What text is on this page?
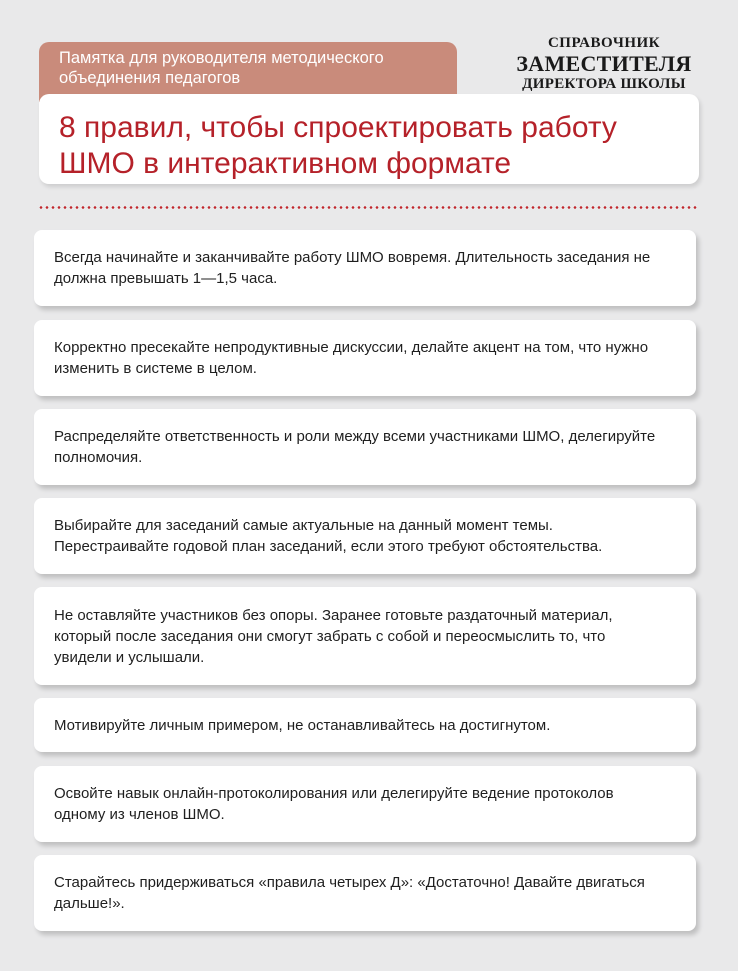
Памятка для руководителя методического объединения педагогов
СПРАВОЧНИК
ЗАМЕСТИТЕЛЯ
ДИРЕКТОРА ШКОЛЫ
8 правил, чтобы спроектировать работу ШМО в интерактивном формате
Всегда начинайте и заканчивайте работу ШМО вовремя. Длительность заседания не должна превышать 1—1,5 часа.
Корректно пресекайте непродуктивные дискуссии, делайте акцент на том, что нужно изменить в системе в целом.
Распределяйте ответственность и роли между всеми участниками ШМО, делегируйте полномочия.
Выбирайте для заседаний самые актуальные на данный момент темы. Перестраивайте годовой план заседаний, если этого требуют обстоятельства.
Не оставляйте участников без опоры. Заранее готовьте раздаточный материал, который после заседания они смогут забрать с собой и переосмыслить то, что увидели и услышали.
Мотивируйте личным примером, не останавливайтесь на достигнутом.
Освойте навык онлайн-протоколирования или делегируйте ведение протоколов одному из членов ШМО.
Старайтесь придерживаться «правила четырех Д»: «Достаточно! Давайте двигаться дальше!».
